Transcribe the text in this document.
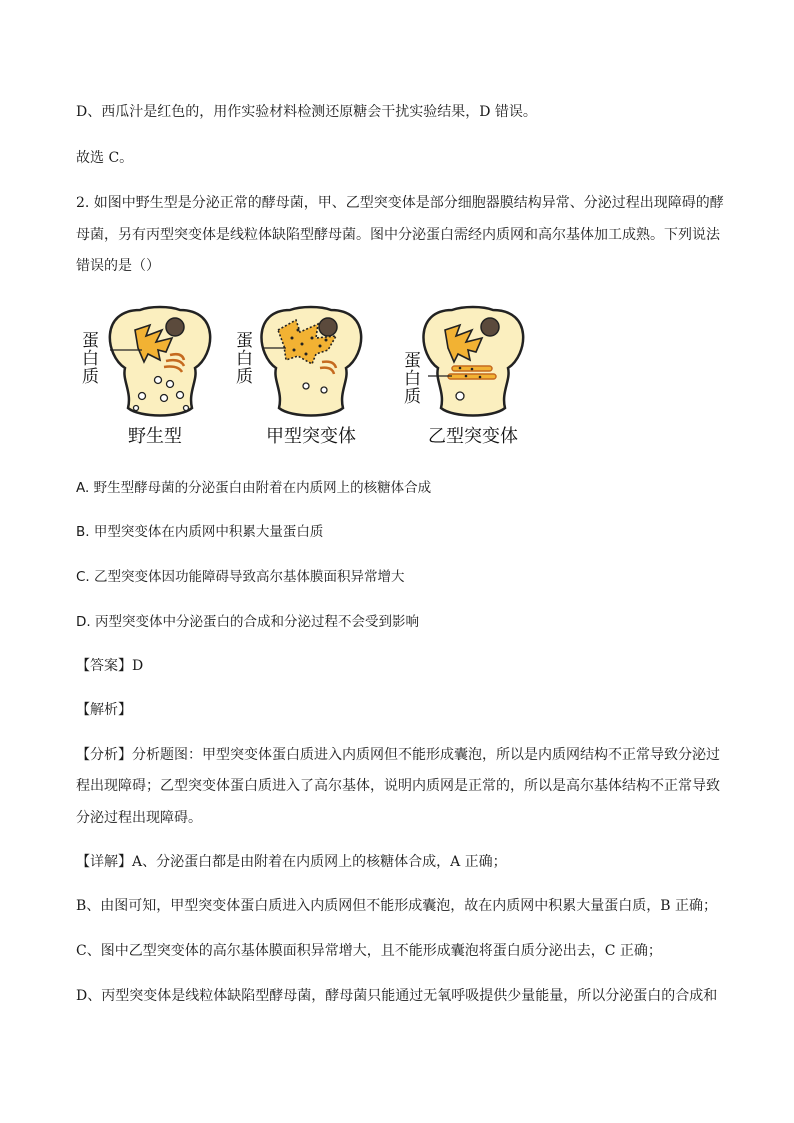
D、西瓜汁是红色的，用作实验材料检测还原糖会干扰实验结果，D 错误。
故选 C。
2. 如图中野生型是分泌正常的酵母菌，甲、乙型突变体是部分细胞器膜结构异常、分泌过程出现障碍的酵
母菌，另有丙型突变体是线粒体缺陷型酵母菌。图中分泌蛋白需经内质网和高尔基体加工成熟。下列说法
错误的是（）
蛋
白
质
野生型
蛋
白
质
甲型突变体
蛋
白
质
乙型突变体
A. 野生型酵母菌的分泌蛋白由附着在内质网上的核糖体合成
B. 甲型突变体在内质网中积累大量蛋白质
C. 乙型突变体因功能障碍导致高尔基体膜面积异常增大
D. 丙型突变体中分泌蛋白的合成和分泌过程不会受到影响
【答案】D
【解析】
【分析】分析题图：甲型突变体蛋白质进入内质网但不能形成囊泡，所以是内质网结构不正常导致分泌过
程出现障碍；乙型突变体蛋白质进入了高尔基体，说明内质网是正常的，所以是高尔基体结构不正常导致
分泌过程出现障碍。
【详解】A、分泌蛋白都是由附着在内质网上的核糖体合成，A 正确；
B、由图可知，甲型突变体蛋白质进入内质网但不能形成囊泡，故在内质网中积累大量蛋白质，B 正确；
C、图中乙型突变体的高尔基体膜面积异常增大，且不能形成囊泡将蛋白质分泌出去，C 正确；
D、丙型突变体是线粒体缺陷型酵母菌，酵母菌只能通过无氧呼吸提供少量能量，所以分泌蛋白的合成和
